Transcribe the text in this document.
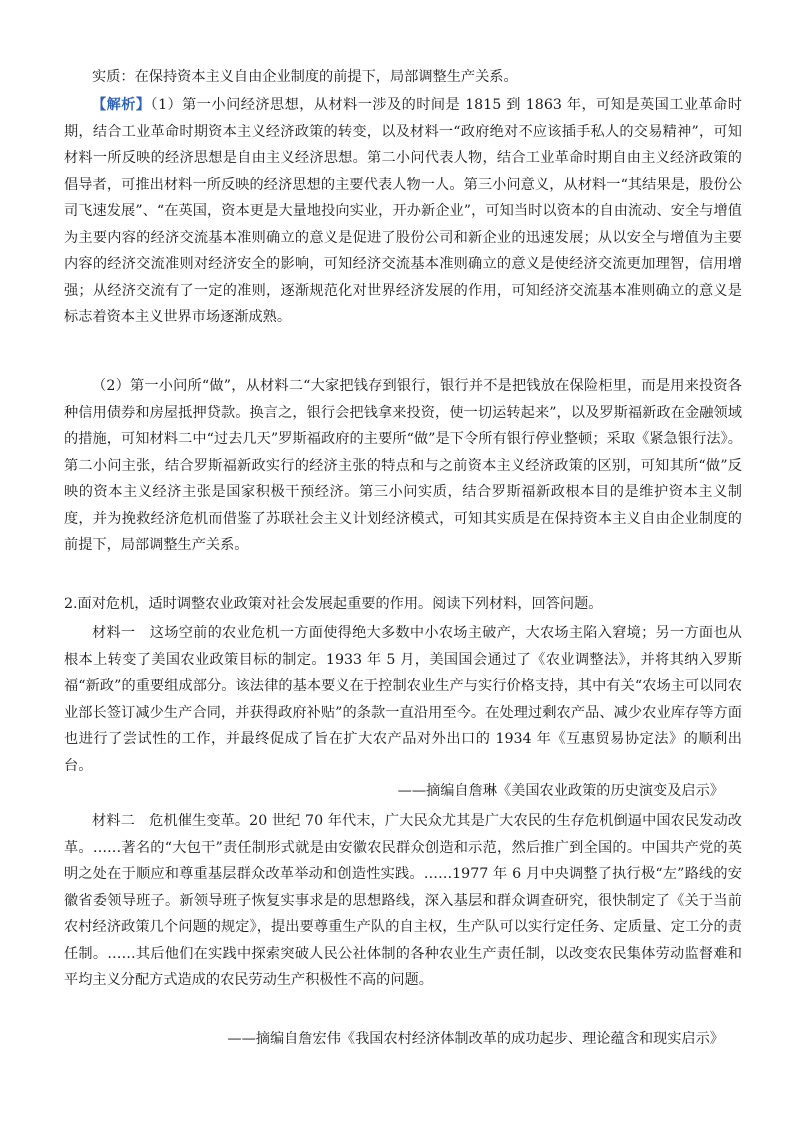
实质：在保持资本主义自由企业制度的前提下，局部调整生产关系。
【解析】（1）第一小问经济思想，从材料一涉及的时间是 1815 到 1863 年，可知是英国工业革命时期，结合工业革命时期资本主义经济政策的转变，以及材料一“政府绝对不应该插手私人的交易精神”，可知材料一所反映的经济思想是自由主义经济思想。第二小问代表人物，结合工业革命时期自由主义经济政策的倡导者，可推出材料一所反映的经济思想的主要代表人物一人。第三小问意义，从材料一“其结果是，股份公司飞速发展”、“在英国，资本更是大量地投向实业，开办新企业”，可知当时以资本的自由流动、安全与增值为主要内容的经济交流基本准则确立的意义是促进了股份公司和新企业的迅速发展；从以安全与增值为主要内容的经济交流准则对经济安全的影响，可知经济交流基本准则确立的意义是使经济交流更加理智，信用增强；从经济交流有了一定的准则，逐渐规范化对世界经济发展的作用，可知经济交流基本准则确立的意义是标志着资本主义世界市场逐渐成熟。
（2）第一小问所“做”，从材料二“大家把钱存到银行，银行并不是把钱放在保险柜里，而是用来投资各种信用债券和房屋抵押贷款。换言之，银行会把钱拿来投资，使一切运转起来”，以及罗斯福新政在金融领域的措施，可知材料二中“过去几天”罗斯福政府的主要所“做”是下令所有银行停业整顿；采取《紧急银行法》。第二小问主张，结合罗斯福新政实行的经济主张的特点和与之前资本主义经济政策的区别，可知其所“做”反映的资本主义经济主张是国家积极干预经济。第三小问实质，结合罗斯福新政根本目的是维护资本主义制度，并为挽救经济危机而借鉴了苏联社会主义计划经济模式，可知其实质是在保持资本主义自由企业制度的前提下，局部调整生产关系。
2.面对危机，适时调整农业政策对社会发展起重要的作用。阅读下列材料，回答问题。
材料一　这场空前的农业危机一方面使得绝大多数中小农场主破产，大农场主陷入窘境；另一方面也从根本上转变了美国农业政策目标的制定。1933 年 5 月，美国国会通过了《农业调整法》，并将其纳入罗斯福“新政”的重要组成部分。该法律的基本要义在于控制农业生产与实行价格支持，其中有关“农场主可以同农业部长签订减少生产合同，并获得政府补贴”的条款一直沿用至今。在处理过剩农产品、减少农业库存等方面也进行了尝试性的工作，并最终促成了旨在扩大农产品对外出口的 1934 年《互惠贸易协定法》的顺利出台。
——摘编自詹琳《美国农业政策的历史演变及启示》
材料二　危机催生变革。20 世纪 70 年代末，广大民众尤其是广大农民的生存危机倒逼中国农民发动改革。……著名的“大包干”责任制形式就是由安徽农民群众创造和示范，然后推广到全国的。中国共产党的英明之处在于顺应和尊重基层群众改革举动和创造性实践。……1977 年 6 月中央调整了执行极“左”路线的安徽省委领导班子。新领导班子恢复实事求是的思想路线，深入基层和群众调查研究，很快制定了《关于当前农村经济政策几个问题的规定》，提出要尊重生产队的自主权，生产队可以实行定任务、定质量、定工分的责任制。……其后他们在实践中探索突破人民公社体制的各种农业生产责任制，以改变农民集体劳动监督难和平均主义分配方式造成的农民劳动生产积极性不高的问题。
——摘编自詹宏伟《我国农村经济体制改革的成功起步、理论蕴含和现实启示》
